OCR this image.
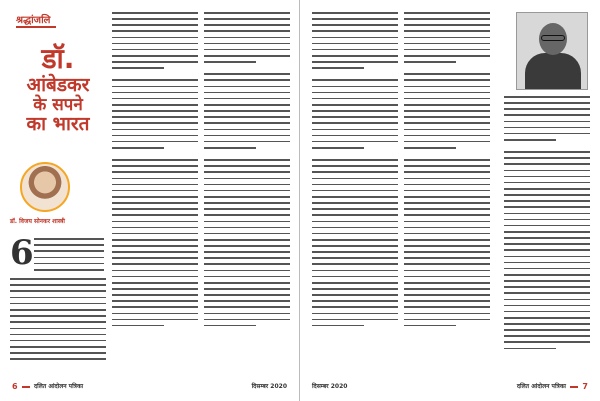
श्रद्धांजलि
डॉ.
आंबेडकर
के सपने
का भारत
डॉ. विजय सोनकर शास्त्री
6
6	दलित आंदोलन पत्रिका	दिसम्बर 2020	दिसम्बर 2020	दलित आंदोलन पत्रिका 7
